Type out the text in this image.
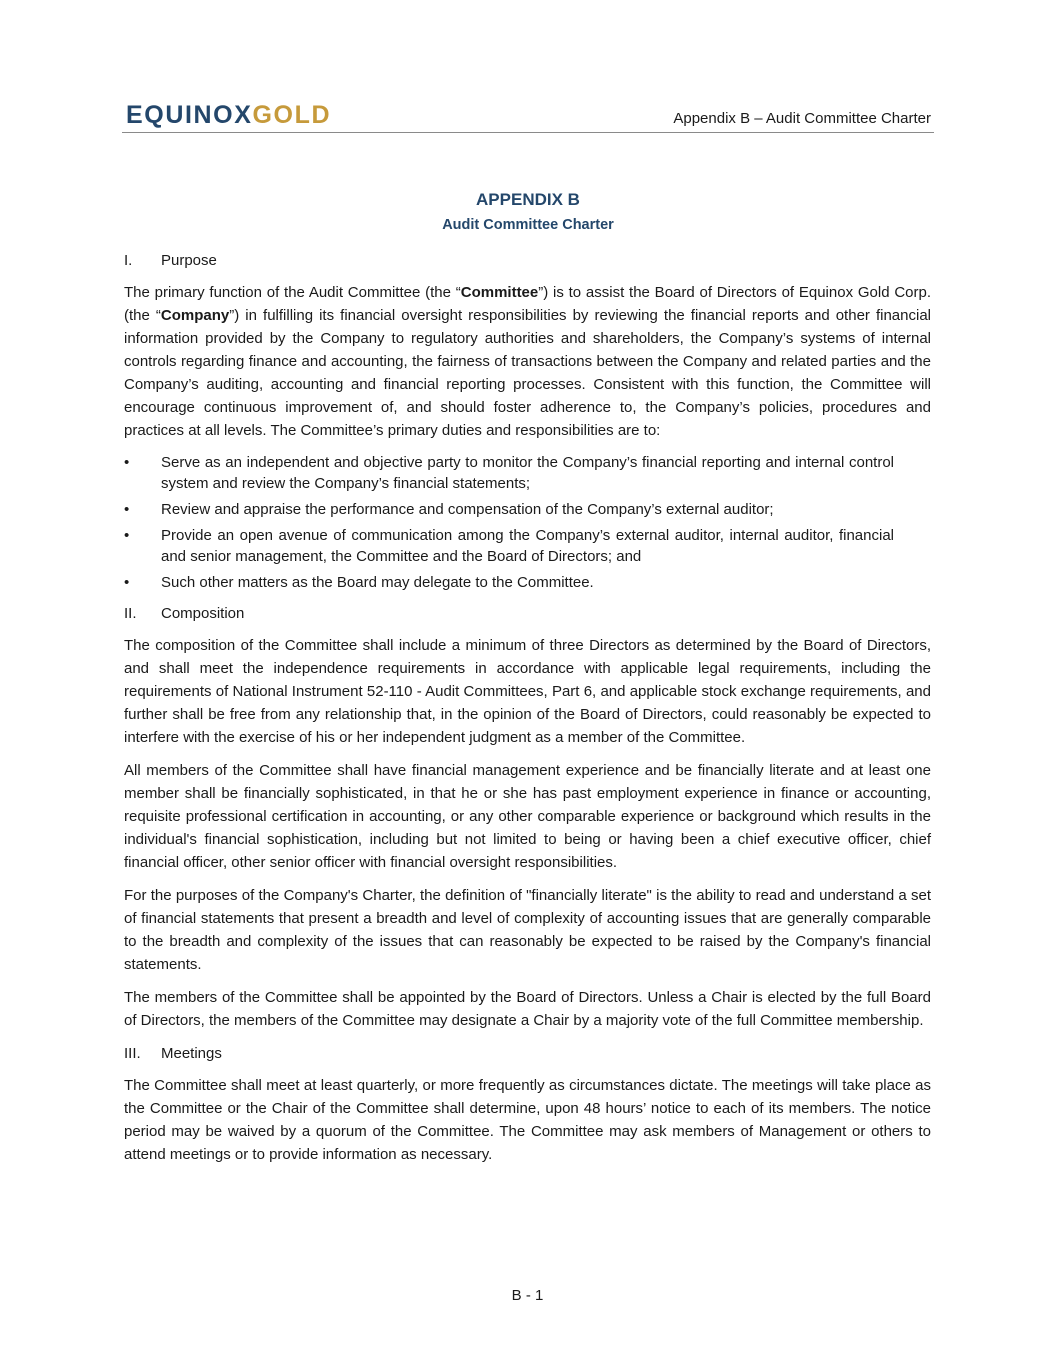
EQUINOXGOLD	Appendix B – Audit Committee Charter
APPENDIX B
Audit Committee Charter
I.	Purpose

The primary function of the Audit Committee (the “Committee”) is to assist the Board of Directors of Equinox Gold Corp. (the “Company”) in fulfilling its financial oversight responsibilities by reviewing the financial reports and other financial information provided by the Company to regulatory authorities and shareholders, the Company’s systems of internal controls regarding finance and accounting, the fairness of transactions between the Company and related parties and the Company’s auditing, accounting and financial reporting processes. Consistent with this function, the Committee will encourage continuous improvement of, and should foster adherence to, the Company’s policies, procedures and practices at all levels. The Committee’s primary duties and responsibilities are to:

• Serve as an independent and objective party to monitor the Company’s financial reporting and internal control system and review the Company’s financial statements;
• Review and appraise the performance and compensation of the Company’s external auditor;
• Provide an open avenue of communication among the Company’s external auditor, internal auditor, financial and senior management, the Committee and the Board of Directors; and
• Such other matters as the Board may delegate to the Committee.
II.	Composition

The composition of the Committee shall include a minimum of three Directors as determined by the Board of Directors, and shall meet the independence requirements in accordance with applicable legal requirements, including the requirements of National Instrument 52-110 - Audit Committees, Part 6, and applicable stock exchange requirements, and further shall be free from any relationship that, in the opinion of the Board of Directors, could reasonably be expected to interfere with the exercise of his or her independent judgment as a member of the Committee.

All members of the Committee shall have financial management experience and be financially literate and at least one member shall be financially sophisticated, in that he or she has past employment experience in finance or accounting, requisite professional certification in accounting, or any other comparable experience or background which results in the individual's financial sophistication, including but not limited to being or having been a chief executive officer, chief financial officer, other senior officer with financial oversight responsibilities.

For the purposes of the Company's Charter, the definition of "financially literate" is the ability to read and understand a set of financial statements that present a breadth and level of complexity of accounting issues that are generally comparable to the breadth and complexity of the issues that can reasonably be expected to be raised by the Company's financial statements.

The members of the Committee shall be appointed by the Board of Directors. Unless a Chair is elected by the full Board of Directors, the members of the Committee may designate a Chair by a majority vote of the full Committee membership.

III.	Meetings

The Committee shall meet at least quarterly, or more frequently as circumstances dictate. The meetings will take place as the Committee or the Chair of the Committee shall determine, upon 48 hours’ notice to each of its members. The notice period may be waived by a quorum of the Committee. The Committee may ask members of Management or others to attend meetings or to provide information as necessary.

B - 1
